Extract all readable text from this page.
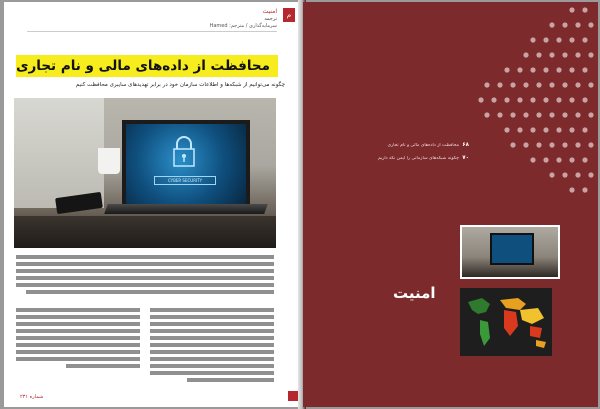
م
امنیت
ترجمه
سرمایه‌گذاری / مترجم: Hamed
محافظت از داده‌های مالی و نام تجاری
چگونه می‌توانیم از شبکه‌ها و اطلاعات سازمان خود در برابر تهدیدهای سایبری محافظت کنیم
CYBER SECURITY
شماره ۲۳۱
۶۸
محافظت از داده‌های مالی و نام تجاری
۷۰
چگونه شبکه‌های سازمانی را ایمن نگه داریم
امنیت
